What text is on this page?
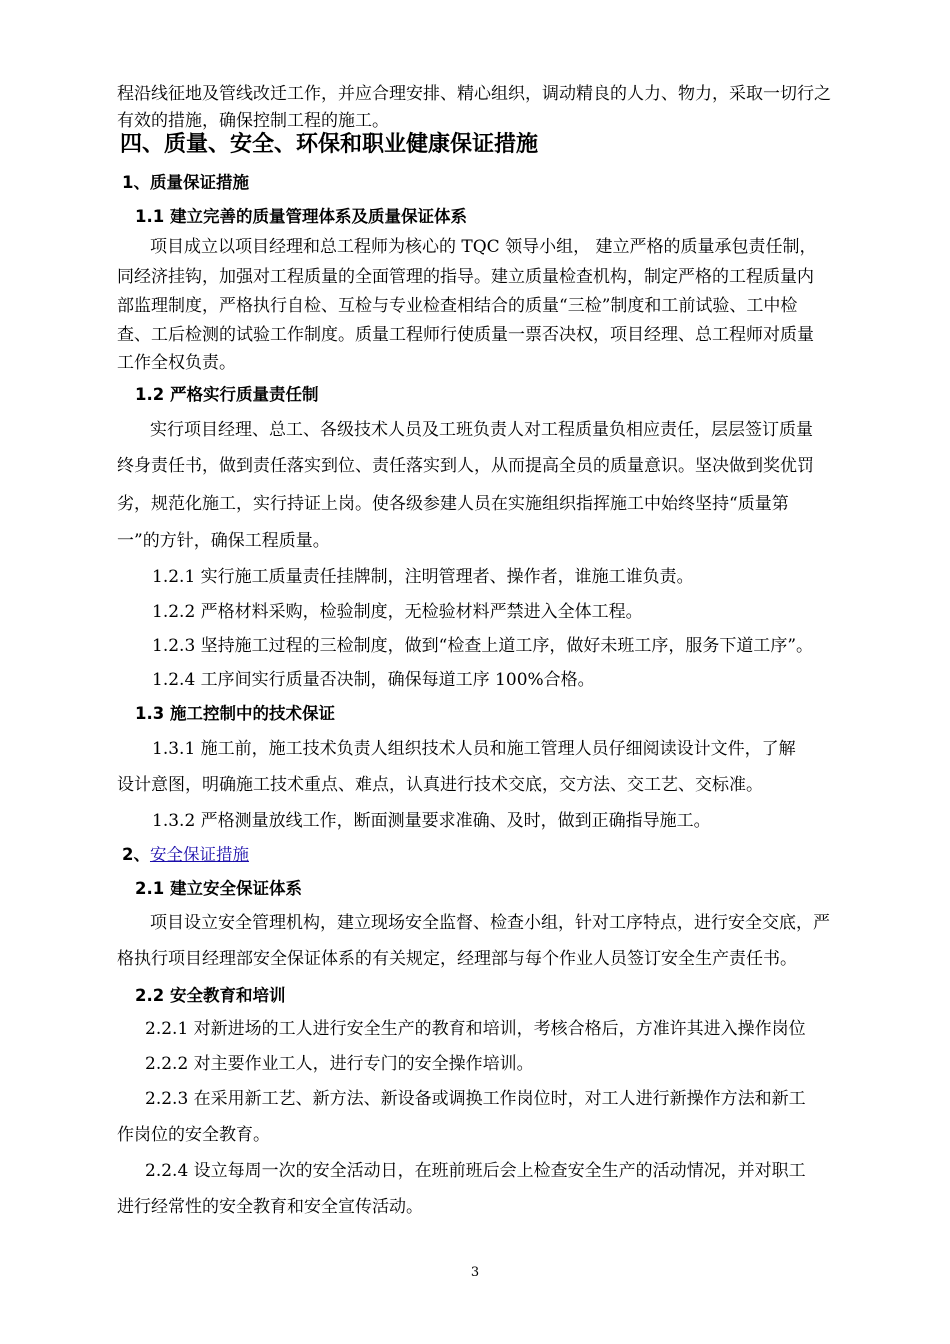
程沿线征地及管线改迁工作，并应合理安排、精心组织，调动精良的人力、物力，采取一切行之
有效的措施，确保控制工程的施工。
四、质量、安全、环保和职业健康保证措施
1、质量保证措施
1.1 建立完善的质量管理体系及质量保证体系
项目成立以项目经理和总工程师为核心的 TQC 领导小组， 建立严格的质量承包责任制，
同经济挂钩，加强对工程质量的全面管理的指导。建立质量检查机构，制定严格的工程质量内
部监理制度，严格执行自检、互检与专业检查相结合的质量“三检”制度和工前试验、工中检
查、工后检测的试验工作制度。质量工程师行使质量一票否决权，项目经理、总工程师对质量
工作全权负责。
1.2 严格实行质量责任制
实行项目经理、总工、各级技术人员及工班负责人对工程质量负相应责任，层层签订质量
终身责任书，做到责任落实到位、责任落实到人，从而提高全员的质量意识。坚决做到奖优罚
劣，规范化施工，实行持证上岗。使各级参建人员在实施组织指挥施工中始终坚持“质量第
一”的方针，确保工程质量。
1.2.1 实行施工质量责任挂牌制，注明管理者、操作者，谁施工谁负责。
1.2.2 严格材料采购，检验制度，无检验材料严禁进入全体工程。
1.2.3 坚持施工过程的三检制度，做到“检查上道工序，做好未班工序，服务下道工序”。
1.2.4 工序间实行质量否决制，确保每道工序 100%合格。
1.3 施工控制中的技术保证
1.3.1 施工前，施工技术负责人组织技术人员和施工管理人员仔细阅读设计文件，了解
设计意图，明确施工技术重点、难点，认真进行技术交底，交方法、交工艺、交标准。
1.3.2 严格测量放线工作，断面测量要求准确、及时，做到正确指导施工。
2、安全保证措施
2.1 建立安全保证体系
项目设立安全管理机构，建立现场安全监督、检查小组，针对工序特点，进行安全交底，严
格执行项目经理部安全保证体系的有关规定，经理部与每个作业人员签订安全生产责任书。
2.2 安全教育和培训
2.2.1 对新进场的工人进行安全生产的教育和培训，考核合格后，方准许其进入操作岗位
2.2.2 对主要作业工人，进行专门的安全操作培训。
2.2.3 在采用新工艺、新方法、新设备或调换工作岗位时，对工人进行新操作方法和新工
作岗位的安全教育。
2.2.4 设立每周一次的安全活动日，在班前班后会上检查安全生产的活动情况，并对职工
进行经常性的安全教育和安全宣传活动。
3
